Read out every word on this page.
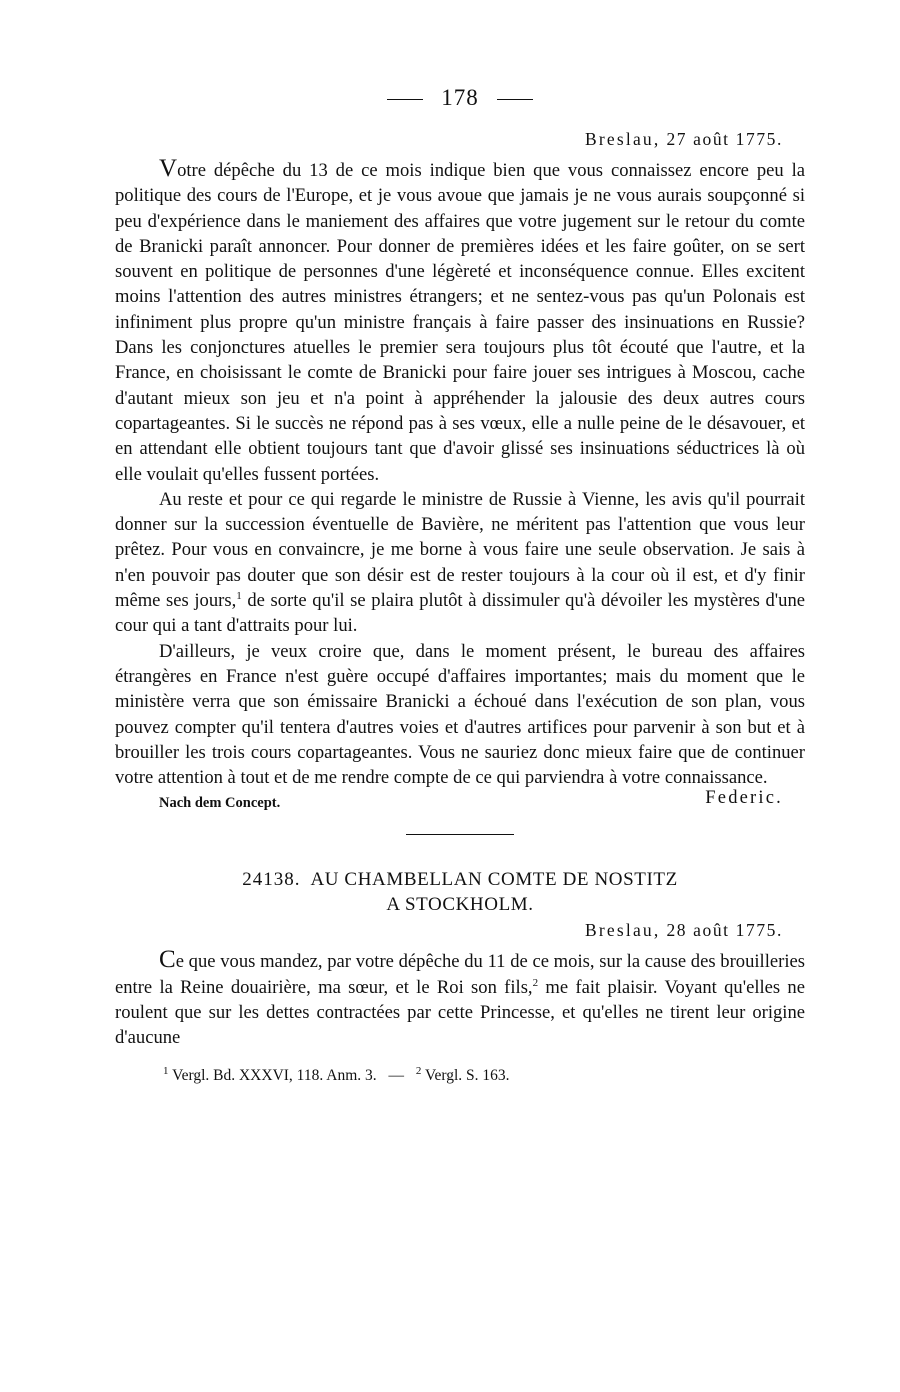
178
Breslau, 27 août 1775.

Votre dépêche du 13 de ce mois indique bien que vous connaissez encore peu la politique des cours de l'Europe, et je vous avoue que jamais je ne vous aurais soupçonné si peu d'expérience dans le maniement des affaires que votre jugement sur le retour du comte de Branicki paraît annoncer. Pour donner de premières idées et les faire goûter, on se sert souvent en politique de personnes d'une légèreté et inconséquence connue. Elles excitent moins l'attention des autres ministres étrangers; et ne sentez-vous pas qu'un Polonais est infiniment plus propre qu'un ministre français à faire passer des insinuations en Russie? Dans les conjonctures atuelles le premier sera toujours plus tôt écouté que l'autre, et la France, en choisissant le comte de Branicki pour faire jouer ses intrigues à Moscou, cache d'autant mieux son jeu et n'a point à appréhender la jalousie des deux autres cours copartageantes. Si le succès ne répond pas à ses vœux, elle a nulle peine de le désavouer, et en attendant elle obtient toujours tant que d'avoir glissé ses insinuations séductrices là où elle voulait qu'elles fussent portées.

Au reste et pour ce qui regarde le ministre de Russie à Vienne, les avis qu'il pourrait donner sur la succession éventuelle de Bavière, ne méritent pas l'attention que vous leur prêtez. Pour vous en convaincre, je me borne à vous faire une seule observation. Je sais à n'en pouvoir pas douter que son désir est de rester toujours à la cour où il est, et d'y finir même ses jours,$^1$ de sorte qu'il se plaira plutôt à dissimuler qu'à dévoiler les mystères d'une cour qui a tant d'attraits pour lui.

D'ailleurs, je veux croire que, dans le moment présent, le bureau des affaires étrangères en France n'est guère occupé d'affaires importantes; mais du moment que le ministère verra que son émissaire Branicki a échoué dans l'exécution de son plan, vous pouvez compter qu'il tentera d'autres voies et d'autres artifices pour parvenir à son but et à brouiller les trois cours copartageantes. Vous ne sauriez donc mieux faire que de continuer votre attention à tout et de me rendre compte de ce qui parviendra à votre connaissance.

Federic.
Nach dem Concept.
24138. AU CHAMBELLAN COMTE DE NOSTITZ
A STOCKHOLM.
Breslau, 28 août 1775.

Ce que vous mandez, par votre dépêche du 11 de ce mois, sur la cause des brouilleries entre la Reine douairière, ma sœur, et le Roi son fils,$^2$ me fait plaisir. Voyant qu'elles ne roulent que sur les dettes contractées par cette Princesse, et qu'elles ne tirent leur origine d'aucune

$^1$ Vergl. Bd. XXXVI, 118. Anm. 3. — $^2$ Vergl. S. 163.
